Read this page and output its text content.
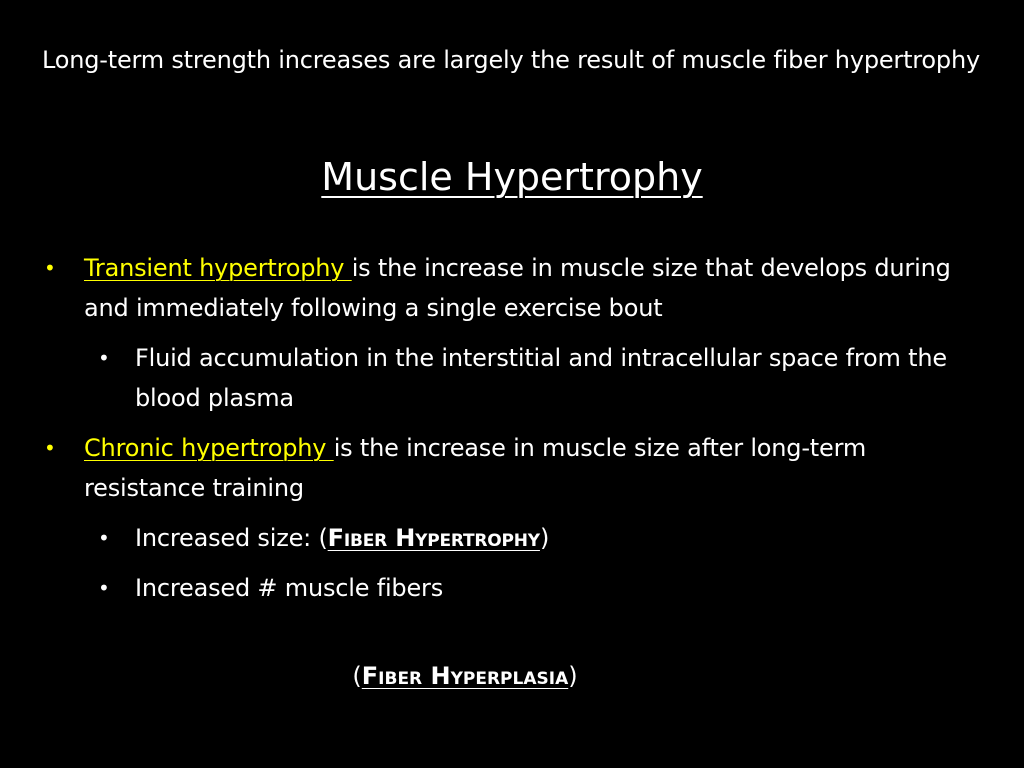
Long-term strength increases are largely the result of muscle fiber hypertrophy
Muscle Hypertrophy
• Transient hypertrophy is the increase in muscle size that develops during and immediately following a single exercise bout
• Fluid accumulation in the interstitial and intracellular space from the blood plasma
• Chronic hypertrophy is the increase in muscle size after long-term resistance training
• Increased size: (Fiber Hypertrophy)
• Increased # muscle fibers
(Fiber Hyperplasia)
